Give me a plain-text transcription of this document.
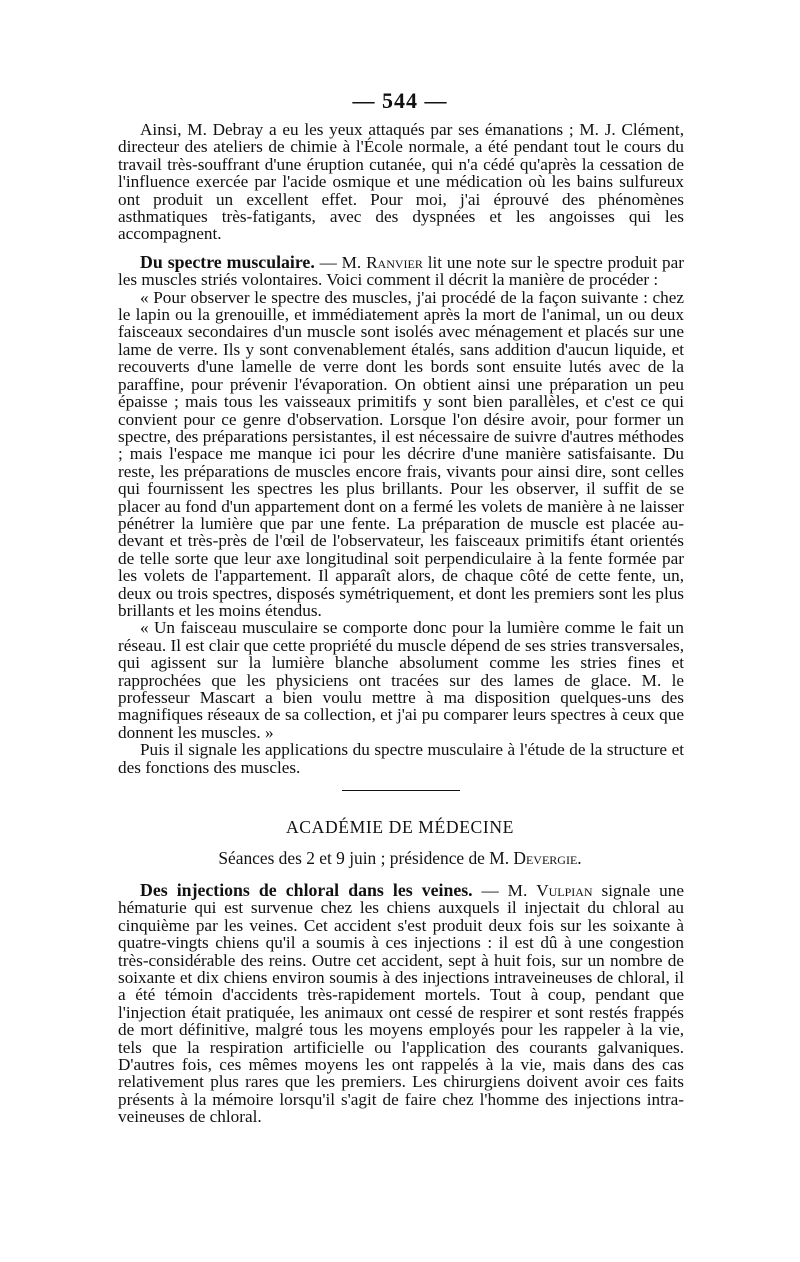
— 544 —

Ainsi, M. Debray a eu les yeux attaqués par ses émanations ; M. J. Clément, directeur des ateliers de chimie à l'École normale, a été pendant tout le cours du travail très-souffrant d'une éruption cutanée, qui n'a cédé qu'après la cessation de l'influence exercée par l'acide osmique et une médication où les bains sulfureux ont produit un excellent effet. Pour moi, j'ai éprouvé des phénomènes asthmatiques très-fatigants, avec des dyspnées et les angoisses qui les accompagnent.

Du spectre musculaire. — M. Ranvier lit une note sur le spectre produit par les muscles striés volontaires. Voici comment il décrit la manière de procéder :

« Pour observer le spectre des muscles, j'ai procédé de la façon suivante : chez le lapin ou la grenouille, et immédiatement après la mort de l'animal, un ou deux faisceaux secondaires d'un muscle sont isolés avec ménagement et placés sur une lame de verre. Ils y sont convenablement étalés, sans addition d'aucun liquide, et recouverts d'une lamelle de verre dont les bords sont ensuite lutés avec de la paraffine, pour prévenir l'évaporation. On obtient ainsi une préparation un peu épaisse ; mais tous les vaisseaux primitifs y sont bien parallèles, et c'est ce qui convient pour ce genre d'observation. Lorsque l'on désire avoir, pour former un spectre, des préparations persistantes, il est nécessaire de suivre d'autres méthodes ; mais l'espace me manque ici pour les décrire d'une manière satisfaisante. Du reste, les préparations de muscles encore frais, vivants pour ainsi dire, sont celles qui fournissent les spectres les plus brillants. Pour les observer, il suffit de se placer au fond d'un appartement dont on a fermé les volets de manière à ne laisser pénétrer la lumière que par une fente. La préparation de muscle est placée au-devant et très-près de l'œil de l'observateur, les faisceaux primitifs étant orientés de telle sorte que leur axe longitudinal soit perpendiculaire à la fente formée par les volets de l'appartement. Il apparaît alors, de chaque côté de cette fente, un, deux ou trois spectres, disposés symétriquement, et dont les premiers sont les plus brillants et les moins étendus.

« Un faisceau musculaire se comporte donc pour la lumière comme le fait un réseau. Il est clair que cette propriété du muscle dépend de ses stries transversales, qui agissent sur la lumière blanche absolument comme les stries fines et rapprochées que les physiciens ont tracées sur des lames de glace. M. le professeur Mascart a bien voulu mettre à ma disposition quelques-uns des magnifiques réseaux de sa collection, et j'ai pu comparer leurs spectres à ceux que donnent les muscles. »

Puis il signale les applications du spectre musculaire à l'étude de la structure et des fonctions des muscles.

ACADÉMIE DE MÉDECINE
Séances des 2 et 9 juin ; présidence de M. Devergie.

Des injections de chloral dans les veines. — M. Vulpian signale une hématurie qui est survenue chez les chiens auxquels il injectait du chloral au cinquième par les veines. Cet accident s'est produit deux fois sur les soixante à quatre-vingts chiens qu'il a soumis à ces injections : il est dû à une congestion très-considérable des reins. Outre cet accident, sept à huit fois, sur un nombre de soixante et dix chiens environ soumis à des injections intraveineuses de chloral, il a été témoin d'accidents très-rapidement mortels. Tout à coup, pendant que l'injection était pratiquée, les animaux ont cessé de respirer et sont restés frappés de mort définitive, malgré tous les moyens employés pour les rappeler à la vie, tels que la respiration artificielle ou l'application des courants galvaniques. D'autres fois, ces mêmes moyens les ont rappelés à la vie, mais dans des cas relativement plus rares que les premiers. Les chirurgiens doivent avoir ces faits présents à la mémoire lorsqu'il s'agit de faire chez l'homme des injections intra-veineuses de chloral.
